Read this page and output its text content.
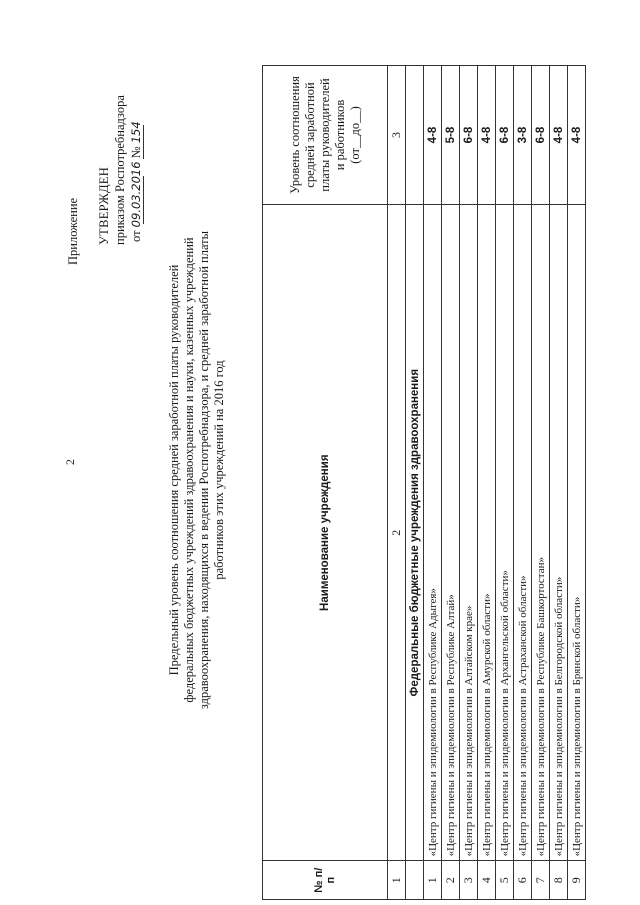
2
Приложение УТВЕРЖДЕН приказом Роспотребнадзора от 09.03.2016 № 154
Предельный уровень соотношения средней заработной платы руководителей федеральных бюджетных учреждений здравоохранения и науки, казенных учреждений здравоохранения, находящихся в ведении Роспотребнадзора, и средней заработной платы работников этих учреждений на 2016 год
№ п/п	Наименование учреждения	Уровень соотношения средней заработной платы руководителей и работников (от__до__)
1	2	3
	Федеральные бюджетные учреждения здравоохранения	
1	«Центр гигиены и эпидемиологии в Республике Адыгея»	4-8
2	«Центр гигиены и эпидемиологии в Республике Алтай»	5-8
3	«Центр гигиены и эпидемиологии в Алтайском крае»	6-8
4	«Центр гигиены и эпидемиологии в Амурской области»	4-8
5	«Центр гигиены и эпидемиологии в Архангельской области»	6-8
6	«Центр гигиены и эпидемиологии в Астраханской области»	3-8
7	«Центр гигиены и эпидемиологии в Республике Башкортостан»	6-8
8	«Центр гигиены и эпидемиологии в Белгородской области»	4-8
9	«Центр гигиены и эпидемиологии в Брянской области»	4-8
